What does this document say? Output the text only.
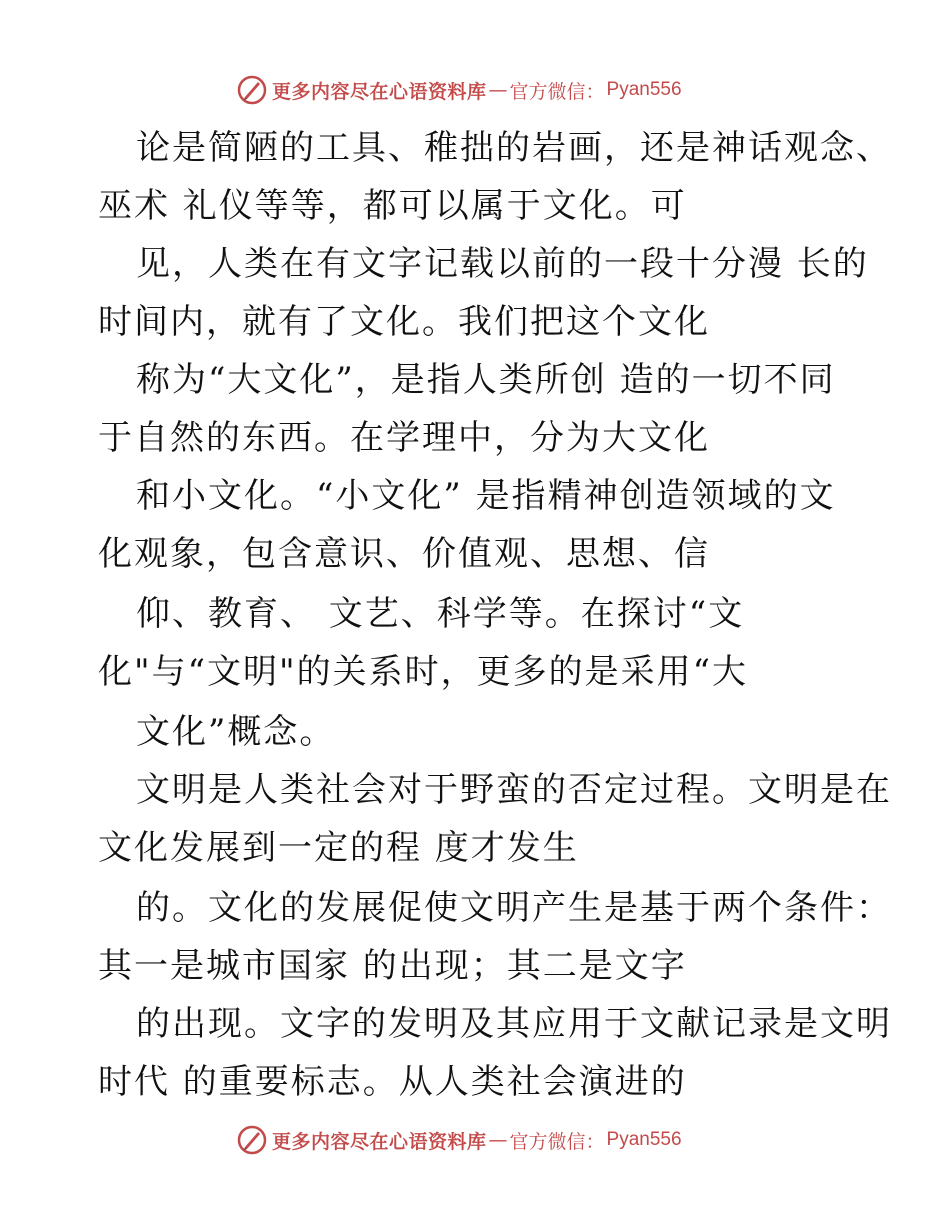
更多内容尽在心语资料库 — 官方微信： Pyan556
论是简陋的工具、稚拙的岩画，还是神话观念、
巫术 礼仪等等，都可以属于文化。可
见，人类在有文字记载以前的一段十分漫 长的
时间内，就有了文化。我们把这个文化
称为“大文化”，是指人类所创 造的一切不同
于自然的东西。在学理中，分为大文化
和小文化。“小文化” 是指精神创造领域的文
化观象，包含意识、价值观、思想、信
仰、教育、 文艺、科学等。在探讨“文
化"与“文明"的关系时，更多的是采用“大
文化”概念。
文明是人类社会对于野蛮的否定过程。文明是在
文化发展到一定的程 度才发生
的。文化的发展促使文明产生是基于两个条件：
其一是城市国家 的出现；其二是文字
的出现。文字的发明及其应用于文献记录是文明
时代 的重要标志。从人类社会演进的
更多内容尽在心语资料库 — 官方微信： Pyan556
